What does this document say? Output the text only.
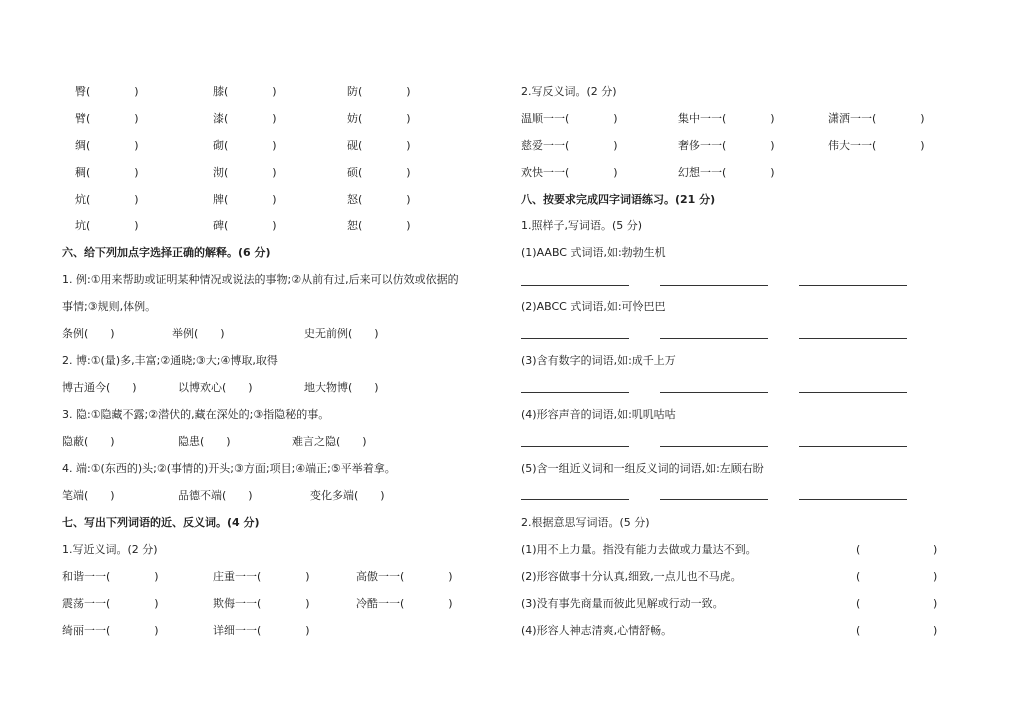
臀(　　　　)	膝(　　　　)	防(　　　　)
臂(　　　　)	漆(　　　　)	妨(　　　　)
绸(　　　　)	砌(　　　　)	砚(　　　　)
稠(　　　　)	沏(　　　　)	硕(　　　　)
炕(　　　　)	牌(　　　　)	怒(　　　　)
坑(　　　　)	碑(　　　　)	恕(　　　　)
六、给下列加点字选择正确的解释。(6 分)
1. 例:①用来帮助或证明某种情况或说法的事物;②从前有过,后来可以仿效或依据的
事情;③规则,体例。
条例(　　)	举例(　　)	史无前例(　　)
2. 博:①(量)多,丰富;②通晓;③大;④博取,取得
博古通今(　　)	以博欢心(　　)	地大物博(　　)
3. 隐:①隐藏不露;②潜伏的,藏在深处的;③指隐秘的事。
隐蔽(　　)	隐患(　　)	难言之隐(　　)
4. 端:①(东西的)头;②(事情的)开头;③方面;项目;④端正;⑤平举着拿。
笔端(　　)	品德不端(　　)	变化多端(　　)
七、写出下列词语的近、反义词。(4 分)
1.写近义词。(2 分)
和谐一一(　　　　)	庄重一一(　　　　)	高傲一一(　　　　)
震荡一一(　　　　)	欺侮一一(　　　　)	冷酷一一(　　　　)
绮丽一一(　　　　)	详细一一(　　　　)
2.写反义词。(2 分)
温顺一一(　　　　)	集中一一(　　　　)	潇洒一一(　　　　)
慈爱一一(　　　　)	奢侈一一(　　　　)	伟大一一(　　　　)
欢快一一(　　　　)	幻想一一(　　　　)
八、按要求完成四字词语练习。(21 分)
1.照样子,写词语。(5 分)
(1)AABC 式词语,如:勃勃生机
(2)ABCC 式词语,如:可怜巴巴
(3)含有数字的词语,如:成千上万
(4)形容声音的词语,如:叽叽咕咕
(5)含一组近义词和一组反义词的词语,如:左顾右盼
2.根据意思写词语。(5 分)
(1)用不上力量。指没有能力去做或力量达不到。	(	)
(2)形容做事十分认真,细致,一点儿也不马虎。	(	)
(3)没有事先商量而彼此见解或行动一致。	(	)
(4)形容人神志清爽,心情舒畅。	(	)
